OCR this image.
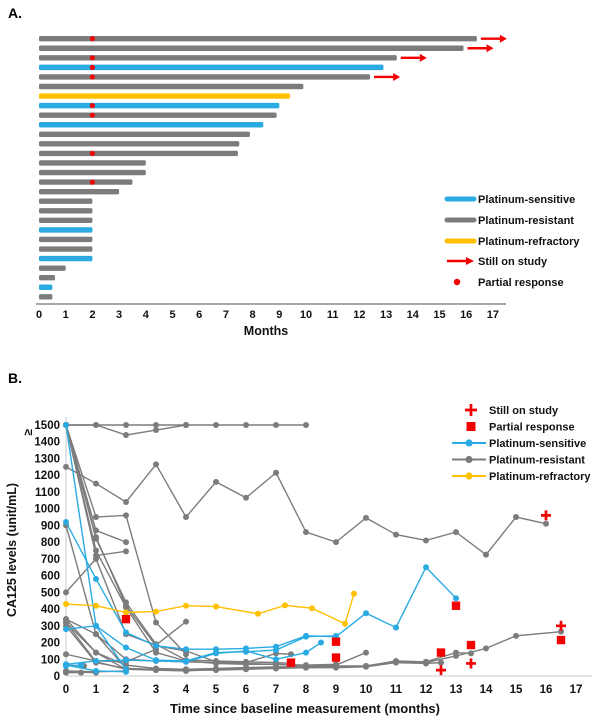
A.
0 1 2 3 4 5 6 7 8 9 10 11 12 13 14 15 16 17
Months
Platinum-sensitive
Platinum-resistant
Platinum-refractory
Still on study
Partial response
B.
0
100
200
300
400
500
600
700
800
900
1000
1100
1200
1300
1400
1500
≥
CA125 levels (unit/mL)
0 1 2 3 4 5 6 7 8 9 10 11 12 13 14 15 16 17
Time since baseline measurement (months)
Still on study
Partial response
Platinum-sensitive
Platinum-resistant
Platinum-refractory
